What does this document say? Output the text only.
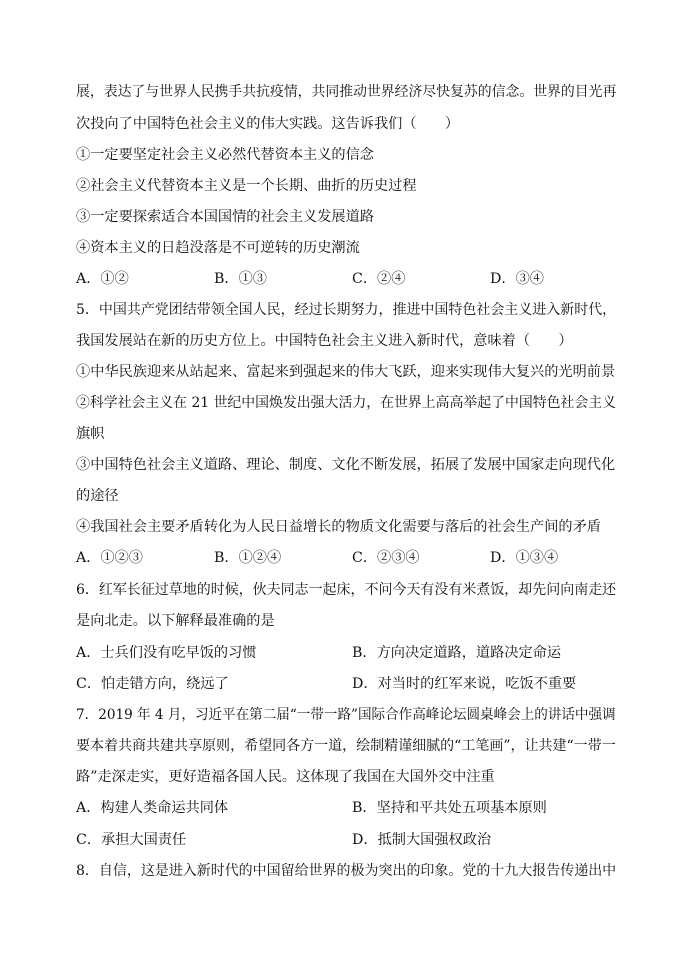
展，表达了与世界人民携手共抗疫情，共同推动世界经济尽快复苏的信念。世界的目光再
次投向了中国特色社会主义的伟大实践。这告诉我们（　　）
①一定要坚定社会主义必然代替资本主义的信念
②社会主义代替资本主义是一个长期、曲折的历史过程
③一定要探索适合本国国情的社会主义发展道路
④资本主义的日趋没落是不可逆转的历史潮流
A．①②	B．①③	C．②④	D．③④
5．中国共产党团结带领全国人民，经过长期努力，推进中国特色社会主义进入新时代，
我国发展站在新的历史方位上。中国特色社会主义进入新时代，意味着（　　）
①中华民族迎来从站起来、富起来到强起来的伟大飞跃，迎来实现伟大复兴的光明前景
②科学社会主义在 21 世纪中国焕发出强大活力，在世界上高高举起了中国特色社会主义
旗帜
③中国特色社会主义道路、理论、制度、文化不断发展，拓展了发展中国家走向现代化
的途径
④我国社会主要矛盾转化为人民日益增长的物质文化需要与落后的社会生产间的矛盾
A．①②③	B．①②④	C．②③④	D．①③④
6．红军长征过草地的时候，伙夫同志一起床，不问今天有没有米煮饭，却先问向南走还
是向北走。以下解释最准确的是
A．士兵们没有吃早饭的习惯	B．方向决定道路，道路决定命运
C．怕走错方向，绕远了	D．对当时的红军来说，吃饭不重要
7．2019 年 4 月，习近平在第二届“一带一路”国际合作高峰论坛圆桌峰会上的讲话中强调
要本着共商共建共享原则，希望同各方一道，绘制精谨细腻的“工笔画”，让共建“一带一
路”走深走实，更好造福各国人民。这体现了我国在大国外交中注重
A．构建人类命运共同体	B．坚持和平共处五项基本原则
C．承担大国责任	D．抵制大国强权政治
8．自信，这是进入新时代的中国留给世界的极为突出的印象。党的十九大报告传递出中
